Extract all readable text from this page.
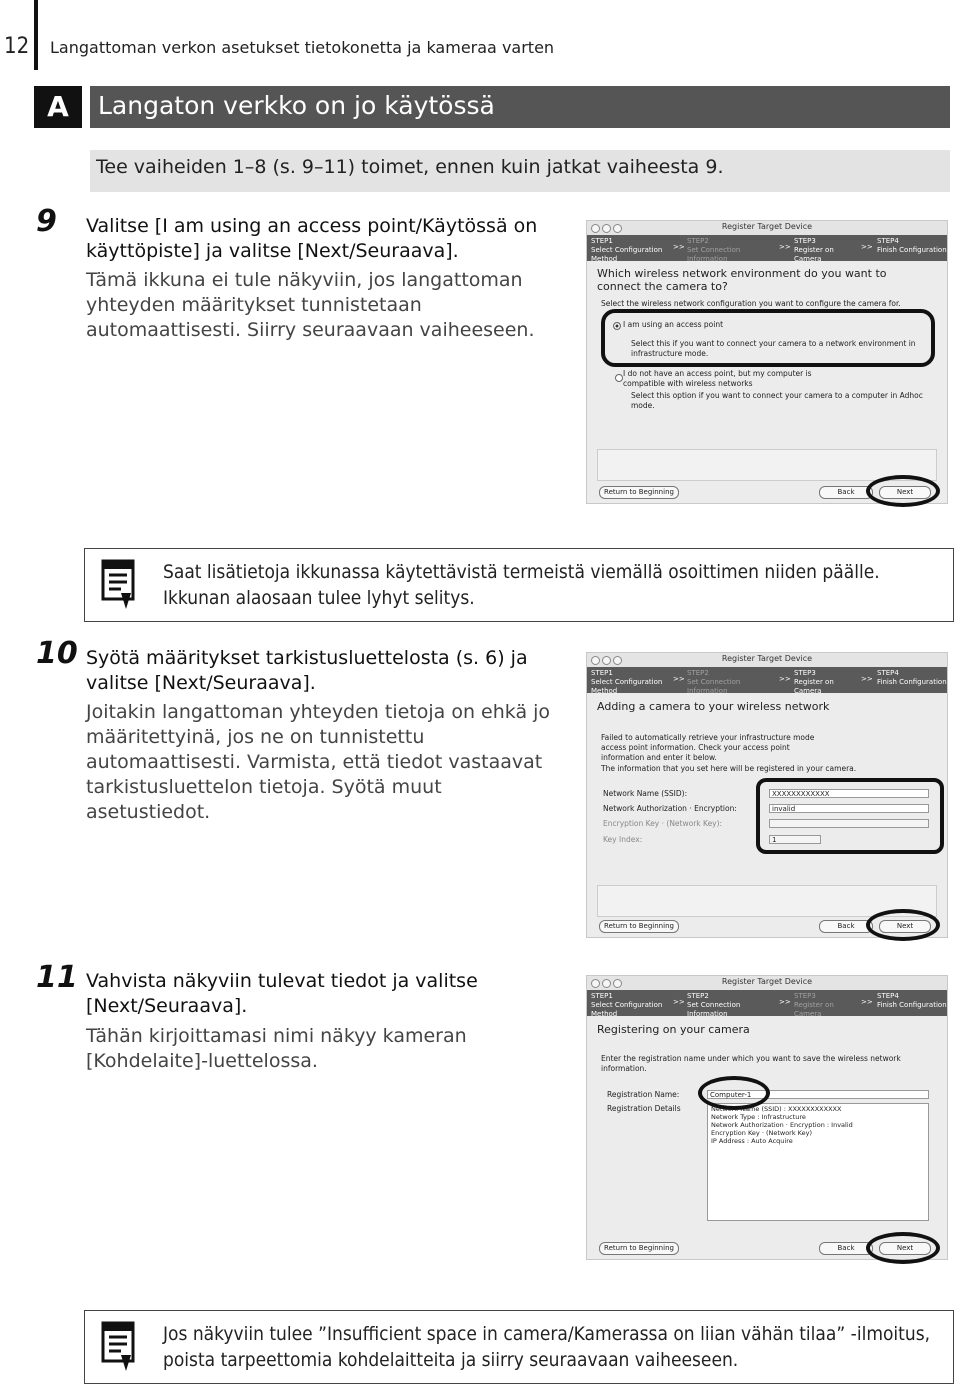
12 Langattoman verkon asetukset tietokonetta ja kameraa varten
A	Langaton verkko on jo käytössä
Tee vaiheiden 1–8 (s. 9–11) toimet, ennen kuin jatkat vaiheesta 9.
9 Valitse [I am using an access point/Käytössä on käyttöpiste] ja valitse [Next/Seuraava].
Tämä ikkuna ei tule näkyviin, jos langattoman yhteyden määritykset tunnistetaan automaattisesti. Siirry seuraavaan vaiheeseen.
Register Target Device
STEP1
Select Configuration
Method
>>
STEP2
Set Connection
Information
>>
STEP3
Register on
Camera
>>
STEP4
Finish Configuration
Which wireless network environment do you want to connect the camera to?
Select the wireless network configuration you want to configure the camera for.
I am using an access point
Select this if you want to connect your camera to a network environment in infrastructure mode.
I do not have an access point, but my computer is compatible with wireless networks
Select this option if you want to connect your camera to a computer in Adhoc mode.
Return to Beginning	Back	Next
Saat lisätietoja ikkunassa käytettävistä termeistä viemällä osoittimen niiden päälle. Ikkunan alaosaan tulee lyhyt selitys.
10 Syötä määritykset tarkistusluettelosta (s. 6) ja valitse [Next/Seuraava].
Joitakin langattoman yhteyden tietoja on ehkä jo määritettyinä, jos ne on tunnistettu automaattisesti. Varmista, että tiedot vastaavat tarkistusluettelon tietoja. Syötä muut asetustiedot.
Register Target Device
STEP1
Select Configuration
Method
>>
STEP2
Set Connection
Information
>>
STEP3
Register on
Camera
>>
STEP4
Finish Configuration
Adding a camera to your wireless network
Failed to automatically retrieve your infrastructure mode access point information. Check your access point information and enter it below.
The information that you set here will be registered in your camera.
Network Name (SSID):	XXXXXXXXXXXX
Network Authorization · Encryption:	invalid
Encryption Key · (Network Key):
Key Index:	1
Return to Beginning	Back	Next
11 Vahvista näkyviin tulevat tiedot ja valitse [Next/Seuraava].
Tähän kirjoittamasi nimi näkyy kameran [Kohdelaite]-luettelossa.
Register Target Device
STEP1
Select Configuration
Method
>>
STEP2
Set Connection
Information
>>
STEP3
Register on
Camera
>>
STEP4
Finish Configuration
Registering on your camera
Enter the registration name under which you want to save the wireless network information.
Registration Name:	Computer-1
Registration Details	Network Name (SSID) : XXXXXXXXXXXX
Network Type : Infrastructure
Network Authorization · Encryption : Invalid
Encryption Key · (Network Key)
IP Address : Auto Acquire
Return to Beginning	Back	Next
Jos näkyviin tulee ”Insufficient space in camera/Kamerassa on liian vähän tilaa” -ilmoitus, poista tarpeettomia kohdelaitteita ja siirry seuraavaan vaiheeseen.
